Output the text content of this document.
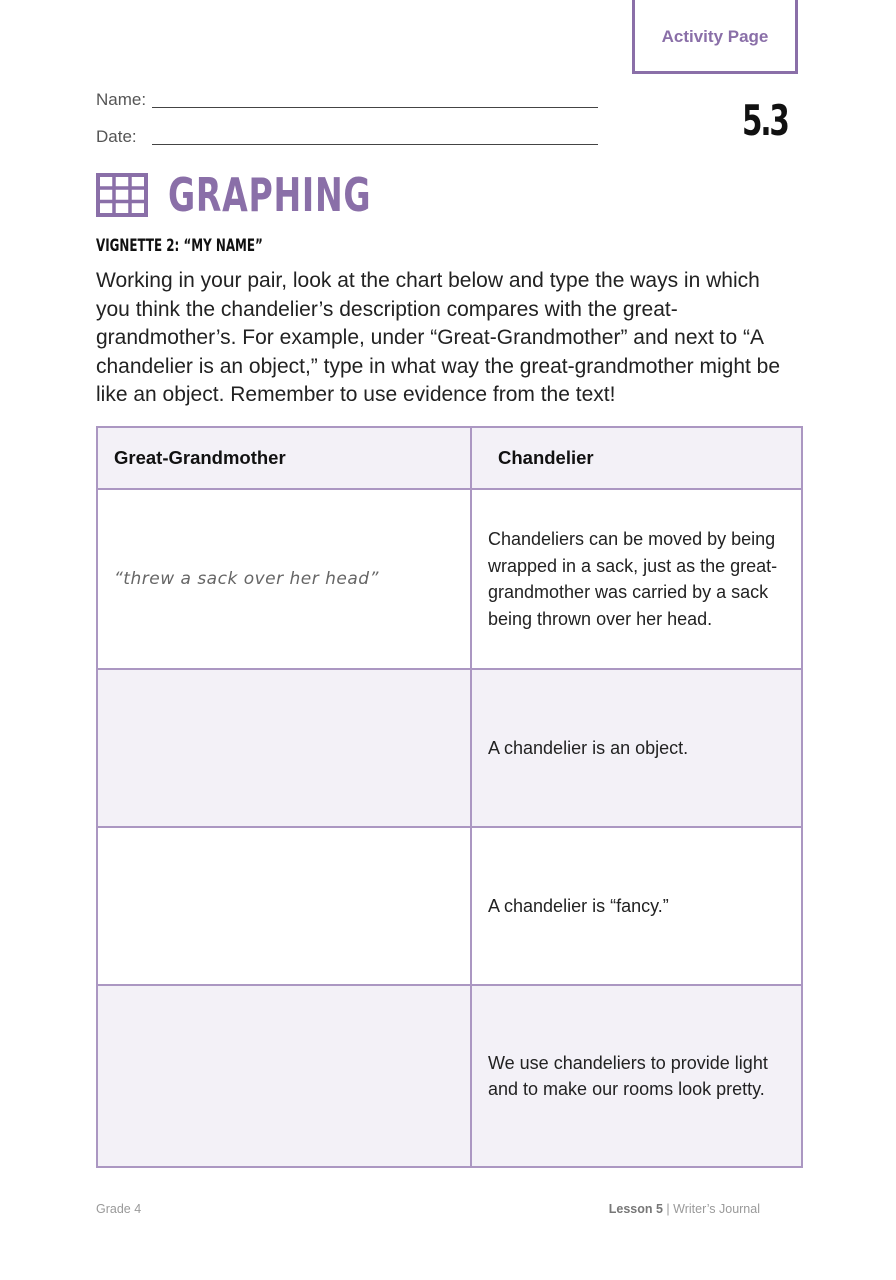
Activity Page
5.3
Name:
Date:
GRAPHING
VIGNETTE 2: “MY NAME”

Working in your pair, look at the chart below and type the ways in which you think the chandelier’s description compares with the great-grandmother’s. For example, under “Great-Grandmother” and next to “A chandelier is an object,” type in what way the great-grandmother might be like an object. Remember to use evidence from the text!

Great-Grandmother	Chandelier
“threw a sack over her head”	Chandeliers can be moved by being wrapped in a sack, just as the great-grandmother was carried by a sack being thrown over her head.
	A chandelier is an object.
	A chandelier is “fancy.”
	We use chandeliers to provide light and to make our rooms look pretty.
Grade 4	Lesson 5 | Writer’s Journal
